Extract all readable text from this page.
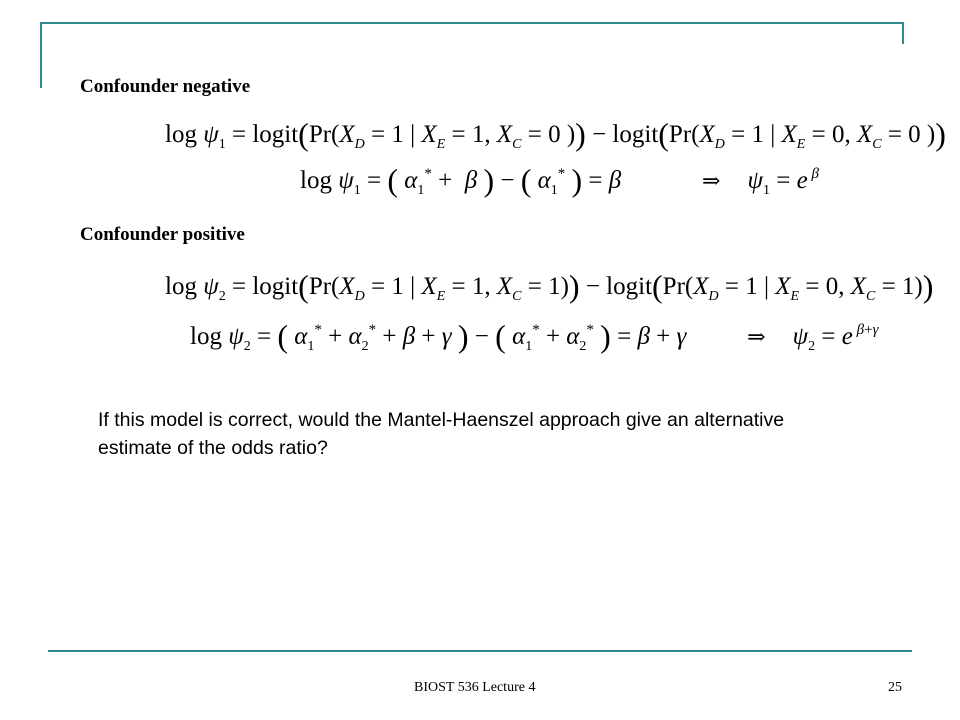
Confounder negative
$\log \psi_1$ = $logit(Pr(X_D = 1$ | $X_E = 1$, $X_C = 0$ )) − $logit(Pr(X_D = 1$ | $X_E = 0$, $X_C = 0$ ))
$\log \psi_1$ = ( $\alpha_1^* + \beta$ ) − ( $\alpha_1^*$ ) = β	⇒ $\psi_1 = e$ $^\beta$
Confounder positive
$\log \psi_2$ = $logit(Pr(X_D = 1$ | $X_E = 1$, $X_C = 1$)) − $logit(Pr(X_D = 1$ | $X_E = 0$, $X_C = 1$))
$\log \psi_2$ = ( $\alpha_1^* + \alpha_2^* + \beta + \gamma$ ) − ( $\alpha_1^* + \alpha_2^*$ ) = β + γ	⇒ $\psi_2 = e$ $^{\beta+\gamma}$
If this model is correct, would the Mantel-Haenszel approach give an alternative estimate of the odds ratio?
BIOST 536 Lecture 4	25
